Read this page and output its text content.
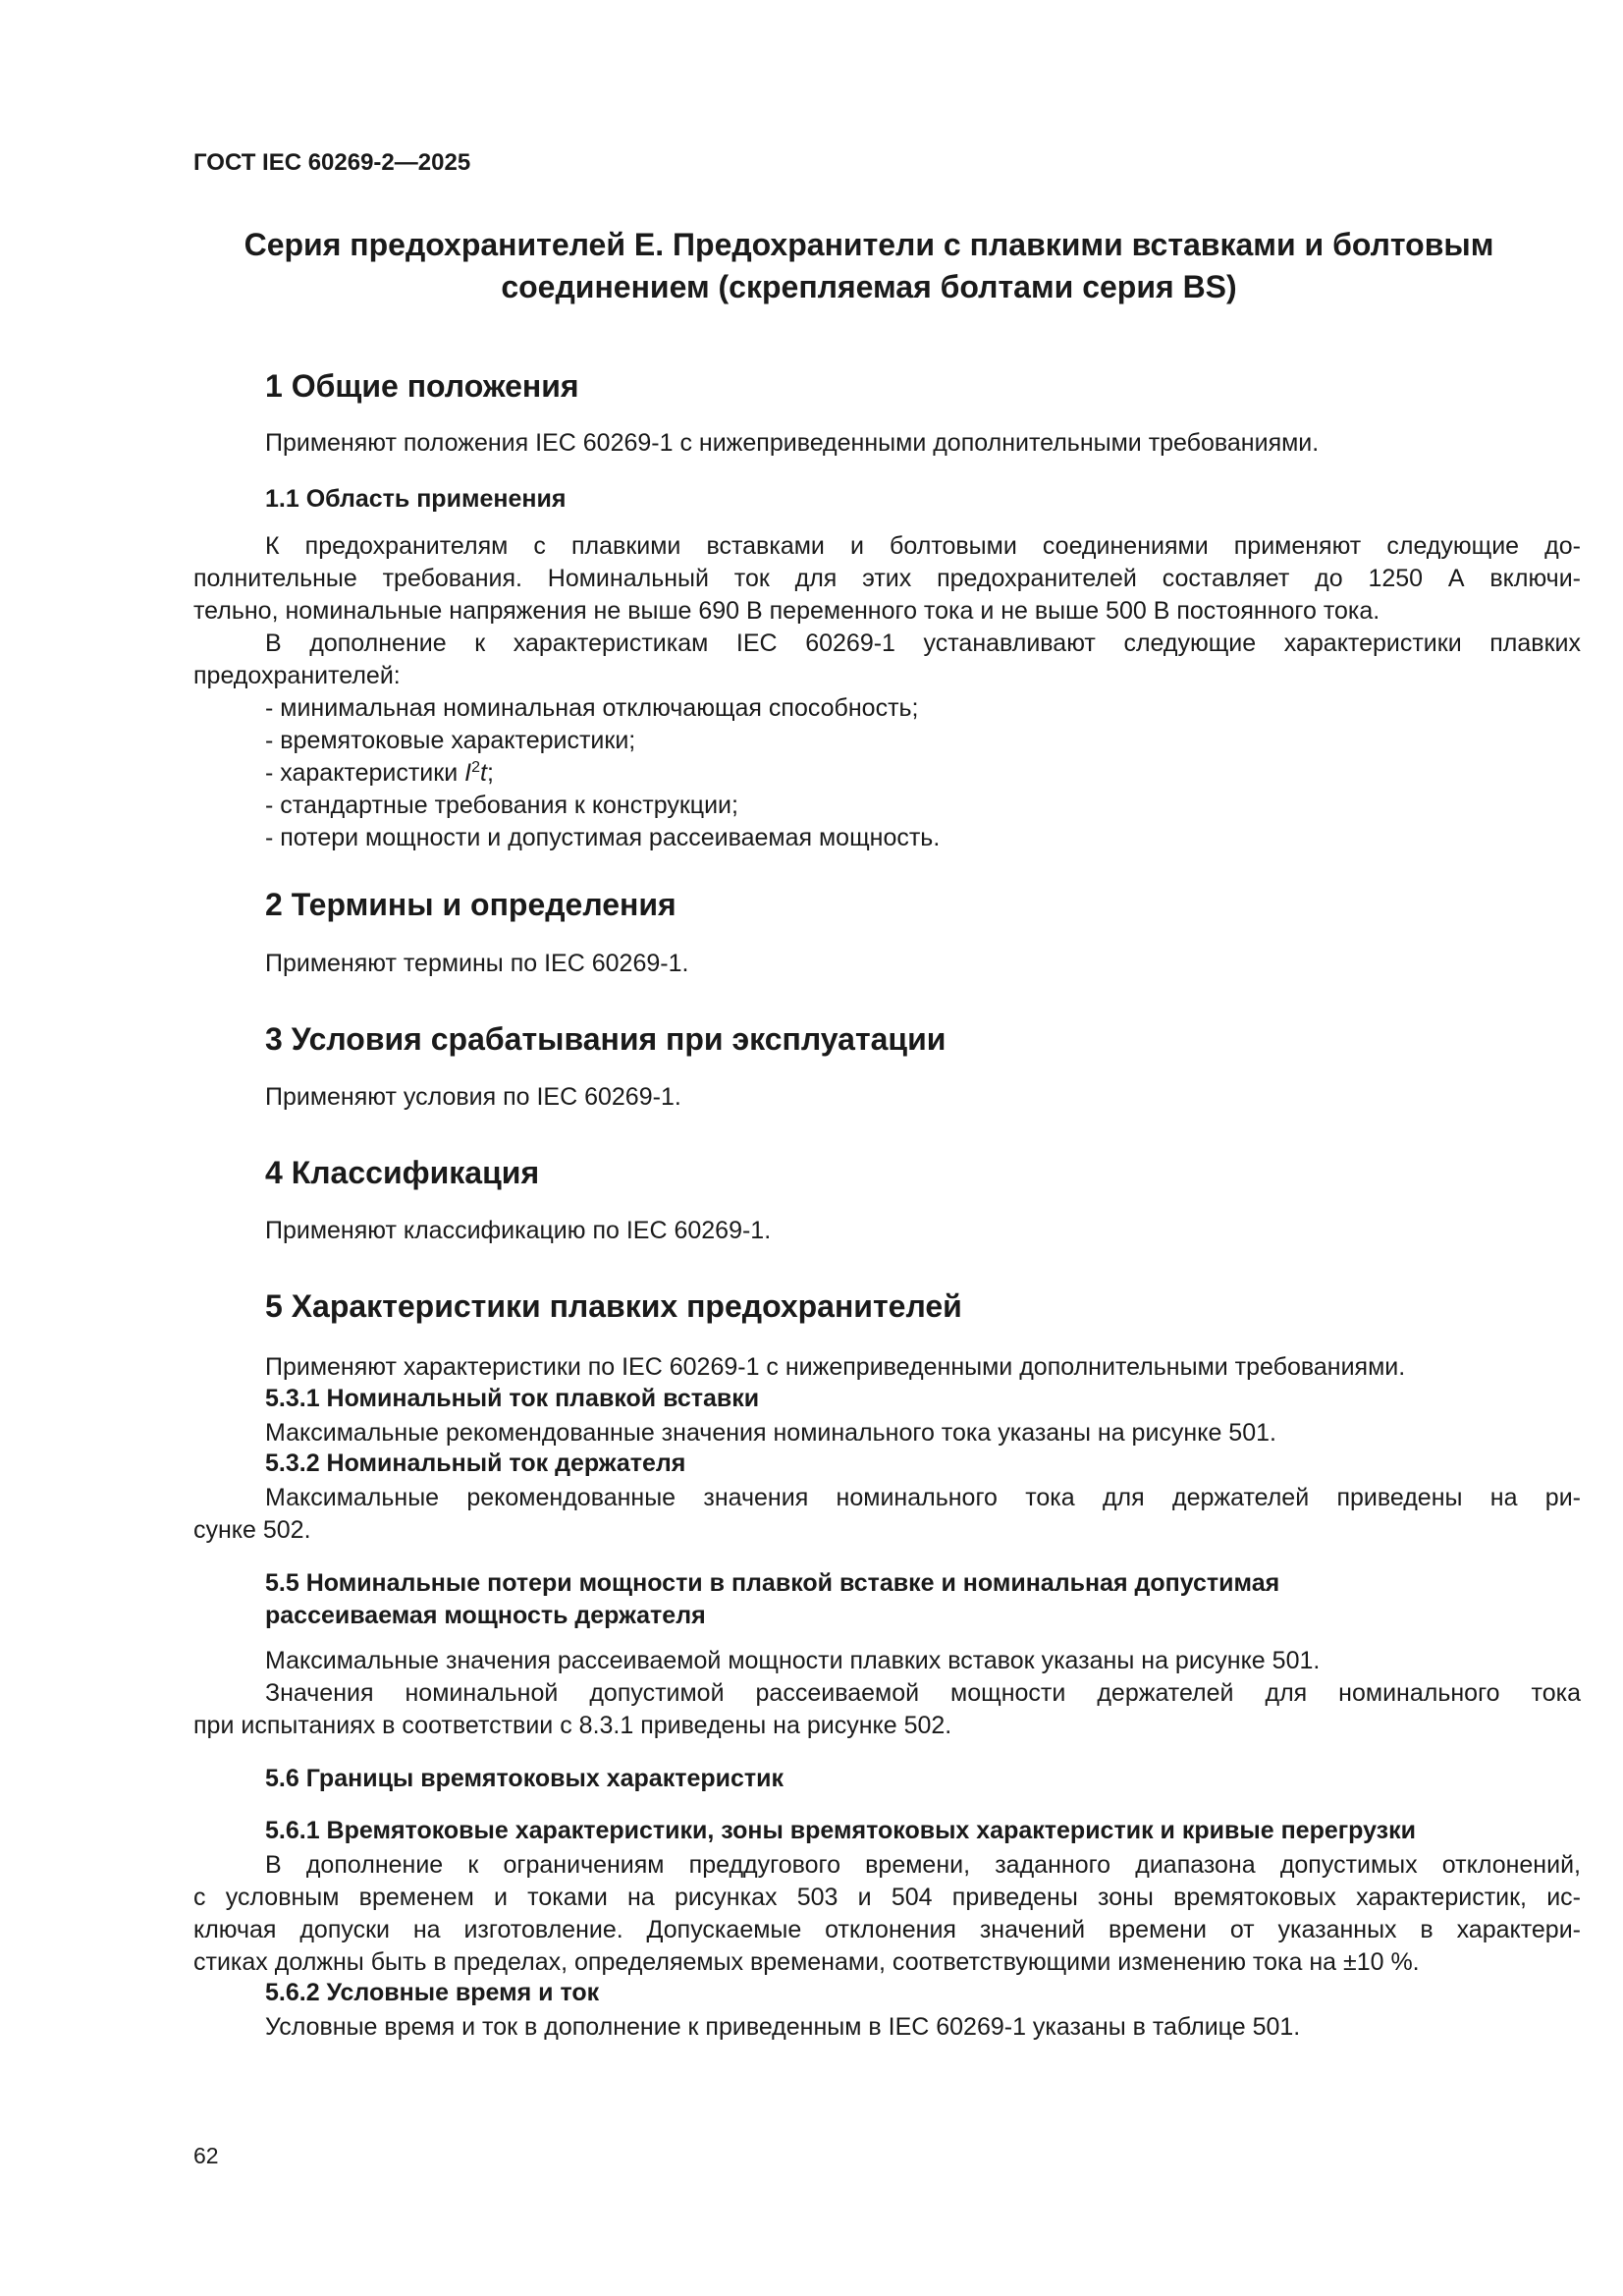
ГОСТ IEC 60269-2—2025
Серия предохранителей Е. Предохранители с плавкими вставками и болтовым
соединением (скрепляемая болтами серия BS)
1 Общие положения
Применяют положения IEC 60269-1 с нижеприведенными дополнительными требованиями.
1.1 Область применения
К предохранителям с плавкими вставками и болтовыми соединениями применяют следующие до-
полнительные требования. Номинальный ток для этих предохранителей составляет до 1250 А включи-
тельно, номинальные напряжения не выше 690 В переменного тока и не выше 500 В постоянного тока.
В дополнение к характеристикам IEC 60269-1 устанавливают следующие характеристики плавких
предохранителей:
- минимальная номинальная отключающая способность;
- времятоковые характеристики;
- характеристики $I^2t$;
- стандартные требования к конструкции;
- потери мощности и допустимая рассеиваемая мощность.
2 Термины и определения
Применяют термины по IEC 60269-1.
3 Условия срабатывания при эксплуатации
Применяют условия по IEC 60269-1.
4 Классификация
Применяют классификацию по IEC 60269-1.
5 Характеристики плавких предохранителей
Применяют характеристики по IEC 60269-1 с нижеприведенными дополнительными требованиями.
5.3.1 Номинальный ток плавкой вставки
Максимальные рекомендованные значения номинального тока указаны на рисунке 501.
5.3.2 Номинальный ток держателя
Максимальные рекомендованные значения номинального тока для держателей приведены на ри-
сунке 502.
5.5 Номинальные потери мощности в плавкой вставке и номинальная допустимая
рассеиваемая мощность держателя
Максимальные значения рассеиваемой мощности плавких вставок указаны на рисунке 501.
Значения номинальной допустимой рассеиваемой мощности держателей для номинального тока
при испытаниях в соответствии с 8.3.1 приведены на рисунке 502.
5.6 Границы времятоковых характеристик
5.6.1 Времятоковые характеристики, зоны времятоковых характеристик и кривые перегрузки
В дополнение к ограничениям преддугового времени, заданного диапазона допустимых отклонений,
с условным временем и токами на рисунках 503 и 504 приведены зоны времятоковых характеристик, ис-
ключая допуски на изготовление. Допускаемые отклонения значений времени от указанных в характери-
стиках должны быть в пределах, определяемых временами, соответствующими изменению тока на ±10 %.
5.6.2 Условные время и ток
Условные время и ток в дополнение к приведенным в IEC 60269-1 указаны в таблице 501.
62
